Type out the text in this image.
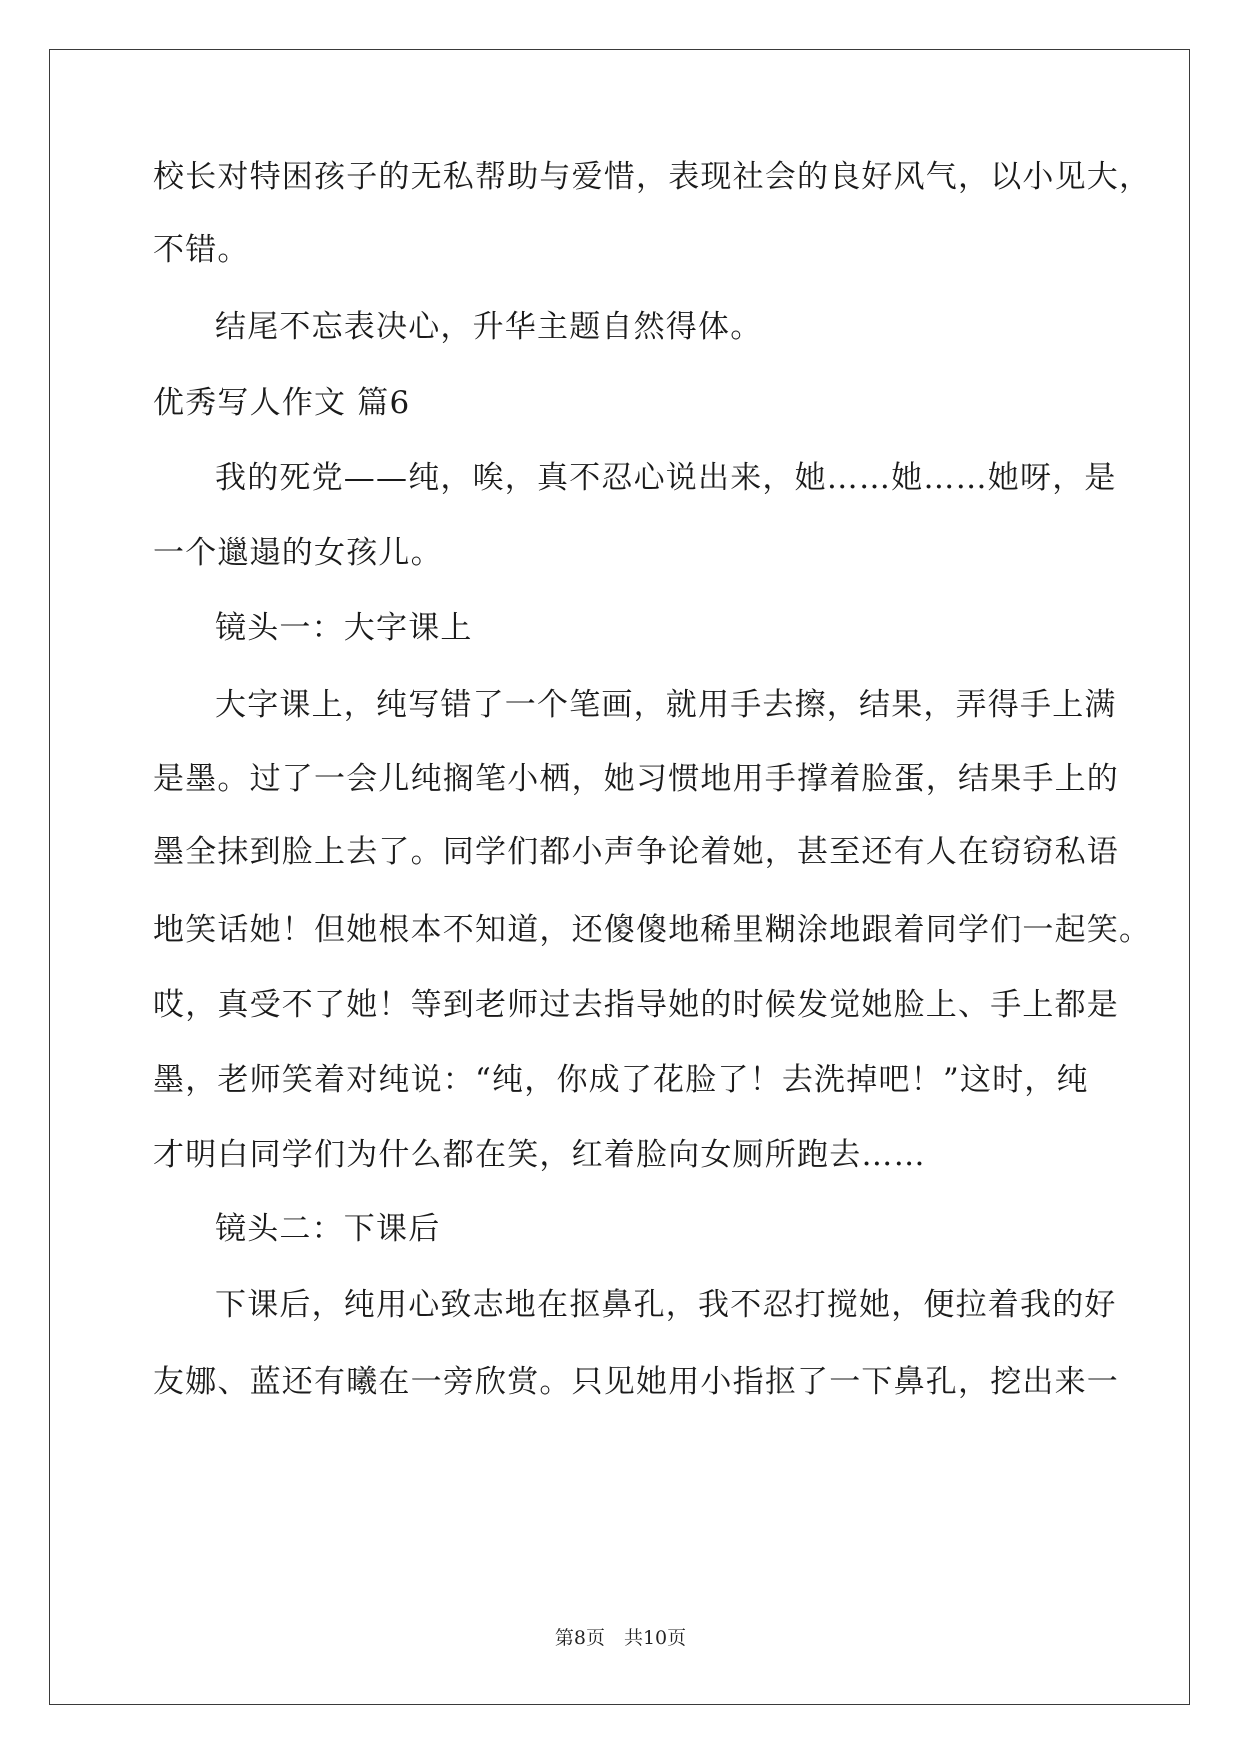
校长对特困孩子的无私帮助与爱惜，表现社会的良好风气，以小见大，
不错。
结尾不忘表决心，升华主题自然得体。
优秀写人作文 篇6
我的死党——纯，唉，真不忍心说出来，她……她……她呀，是
一个邋遢的女孩儿。
镜头一：大字课上
大字课上，纯写错了一个笔画，就用手去擦，结果，弄得手上满
是墨。过了一会儿纯搁笔小栖，她习惯地用手撑着脸蛋，结果手上的
墨全抹到脸上去了。同学们都小声争论着她，甚至还有人在窃窃私语
地笑话她！但她根本不知道，还傻傻地稀里糊涂地跟着同学们一起笑。
哎，真受不了她！等到老师过去指导她的时候发觉她脸上、手上都是
墨，老师笑着对纯说：“纯，你成了花脸了！去洗掉吧！”这时，纯
才明白同学们为什么都在笑，红着脸向女厕所跑去……
镜头二：下课后
下课后，纯用心致志地在抠鼻孔，我不忍打搅她，便拉着我的好
友娜、蓝还有曦在一旁欣赏。只见她用小指抠了一下鼻孔，挖出来一
第8页　共10页
